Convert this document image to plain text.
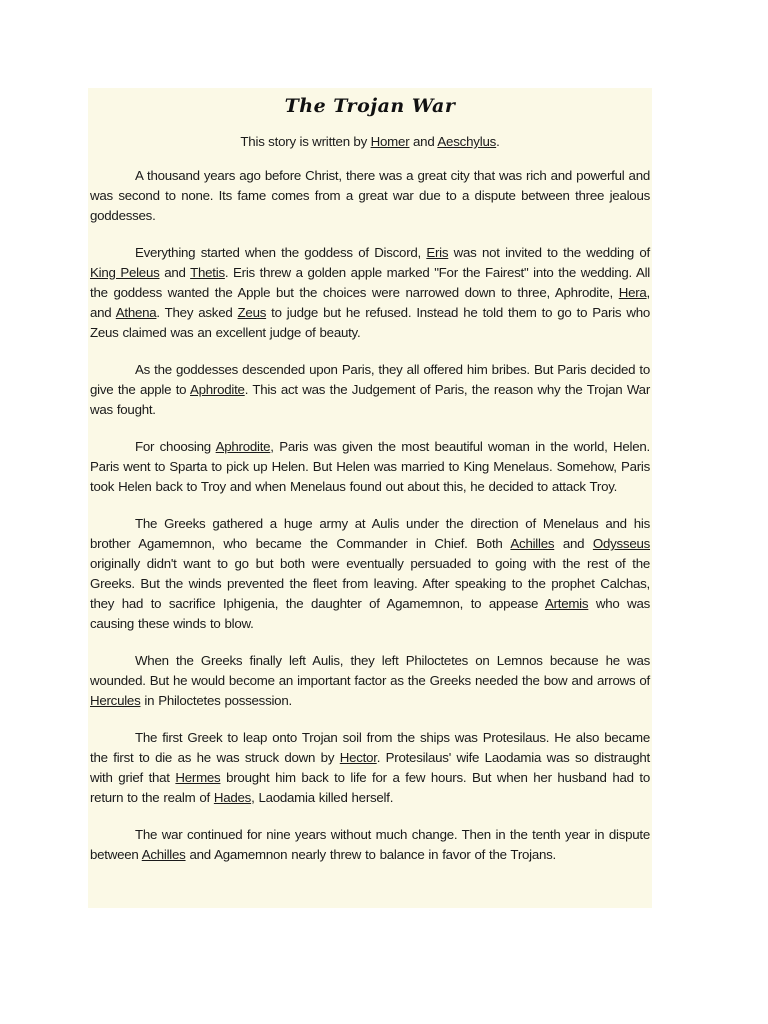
The Trojan War
This story is written by Homer and Aeschylus.

A thousand years ago before Christ, there was a great city that was rich and powerful and was second to none. Its fame comes from a great war due to a dispute between three jealous goddesses.

Everything started when the goddess of Discord, Eris was not invited to the wedding of King Peleus and Thetis. Eris threw a golden apple marked "For the Fairest" into the wedding. All the goddess wanted the Apple but the choices were narrowed down to three, Aphrodite, Hera, and Athena. They asked Zeus to judge but he refused. Instead he told them to go to Paris who Zeus claimed was an excellent judge of beauty.

As the goddesses descended upon Paris, they all offered him bribes. But Paris decided to give the apple to Aphrodite. This act was the Judgement of Paris, the reason why the Trojan War was fought.

For choosing Aphrodite, Paris was given the most beautiful woman in the world, Helen. Paris went to Sparta to pick up Helen. But Helen was married to King Menelaus. Somehow, Paris took Helen back to Troy and when Menelaus found out about this, he decided to attack Troy.

The Greeks gathered a huge army at Aulis under the direction of Menelaus and his brother Agamemnon, who became the Commander in Chief. Both Achilles and Odysseus originally didn't want to go but both were eventually persuaded to going with the rest of the Greeks. But the winds prevented the fleet from leaving. After speaking to the prophet Calchas, they had to sacrifice Iphigenia, the daughter of Agamemnon, to appease Artemis who was causing these winds to blow.

When the Greeks finally left Aulis, they left Philoctetes on Lemnos because he was wounded. But he would become an important factor as the Greeks needed the bow and arrows of Hercules in Philoctetes possession.

The first Greek to leap onto Trojan soil from the ships was Protesilaus. He also became the first to die as he was struck down by Hector. Protesilaus' wife Laodamia was so distraught with grief that Hermes brought him back to life for a few hours. But when her husband had to return to the realm of Hades, Laodamia killed herself.

The war continued for nine years without much change. Then in the tenth year in dispute between Achilles and Agamemnon nearly threw to balance in favor of the Trojans.
